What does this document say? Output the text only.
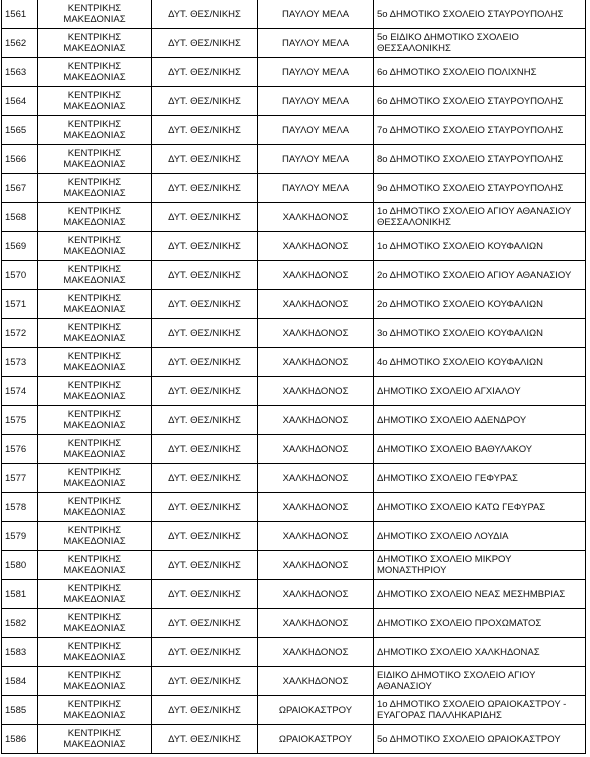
1561	ΚΕΝΤΡΙΚΗΣ ΜΑΚΕΔΟΝΙΑΣ	ΔΥΤ. ΘΕΣ/ΝΙΚΗΣ	ΠΑΥΛΟΥ ΜΕΛΑ	5ο ΔΗΜΟΤΙΚΟ ΣΧΟΛΕΙΟ ΣΤΑΥΡΟΥΠΟΛΗΣ
1562	ΚΕΝΤΡΙΚΗΣ ΜΑΚΕΔΟΝΙΑΣ	ΔΥΤ. ΘΕΣ/ΝΙΚΗΣ	ΠΑΥΛΟΥ ΜΕΛΑ	5ο ΕΙΔΙΚΟ ΔΗΜΟΤΙΚΟ ΣΧΟΛΕΙΟ ΘΕΣΣΑΛΟΝΙΚΗΣ
1563	ΚΕΝΤΡΙΚΗΣ ΜΑΚΕΔΟΝΙΑΣ	ΔΥΤ. ΘΕΣ/ΝΙΚΗΣ	ΠΑΥΛΟΥ ΜΕΛΑ	6ο ΔΗΜΟΤΙΚΟ ΣΧΟΛΕΙΟ ΠΟΛΙΧΝΗΣ
1564	ΚΕΝΤΡΙΚΗΣ ΜΑΚΕΔΟΝΙΑΣ	ΔΥΤ. ΘΕΣ/ΝΙΚΗΣ	ΠΑΥΛΟΥ ΜΕΛΑ	6ο ΔΗΜΟΤΙΚΟ ΣΧΟΛΕΙΟ ΣΤΑΥΡΟΥΠΟΛΗΣ
1565	ΚΕΝΤΡΙΚΗΣ ΜΑΚΕΔΟΝΙΑΣ	ΔΥΤ. ΘΕΣ/ΝΙΚΗΣ	ΠΑΥΛΟΥ ΜΕΛΑ	7ο ΔΗΜΟΤΙΚΟ ΣΧΟΛΕΙΟ ΣΤΑΥΡΟΥΠΟΛΗΣ
1566	ΚΕΝΤΡΙΚΗΣ ΜΑΚΕΔΟΝΙΑΣ	ΔΥΤ. ΘΕΣ/ΝΙΚΗΣ	ΠΑΥΛΟΥ ΜΕΛΑ	8ο ΔΗΜΟΤΙΚΟ ΣΧΟΛΕΙΟ ΣΤΑΥΡΟΥΠΟΛΗΣ
1567	ΚΕΝΤΡΙΚΗΣ ΜΑΚΕΔΟΝΙΑΣ	ΔΥΤ. ΘΕΣ/ΝΙΚΗΣ	ΠΑΥΛΟΥ ΜΕΛΑ	9ο ΔΗΜΟΤΙΚΟ ΣΧΟΛΕΙΟ ΣΤΑΥΡΟΥΠΟΛΗΣ
1568	ΚΕΝΤΡΙΚΗΣ ΜΑΚΕΔΟΝΙΑΣ	ΔΥΤ. ΘΕΣ/ΝΙΚΗΣ	ΧΑΛΚΗΔΟΝΟΣ	1ο ΔΗΜΟΤΙΚΟ ΣΧΟΛΕΙΟ ΑΓΙΟΥ ΑΘΑΝΑΣΙΟΥ ΘΕΣΣΑΛΟΝΙΚΗΣ
1569	ΚΕΝΤΡΙΚΗΣ ΜΑΚΕΔΟΝΙΑΣ	ΔΥΤ. ΘΕΣ/ΝΙΚΗΣ	ΧΑΛΚΗΔΟΝΟΣ	1ο ΔΗΜΟΤΙΚΟ ΣΧΟΛΕΙΟ ΚΟΥΦΑΛΙΩΝ
1570	ΚΕΝΤΡΙΚΗΣ ΜΑΚΕΔΟΝΙΑΣ	ΔΥΤ. ΘΕΣ/ΝΙΚΗΣ	ΧΑΛΚΗΔΟΝΟΣ	2ο ΔΗΜΟΤΙΚΟ ΣΧΟΛΕΙΟ ΑΓΙΟΥ ΑΘΑΝΑΣΙΟΥ
1571	ΚΕΝΤΡΙΚΗΣ ΜΑΚΕΔΟΝΙΑΣ	ΔΥΤ. ΘΕΣ/ΝΙΚΗΣ	ΧΑΛΚΗΔΟΝΟΣ	2ο ΔΗΜΟΤΙΚΟ ΣΧΟΛΕΙΟ ΚΟΥΦΑΛΙΩΝ
1572	ΚΕΝΤΡΙΚΗΣ ΜΑΚΕΔΟΝΙΑΣ	ΔΥΤ. ΘΕΣ/ΝΙΚΗΣ	ΧΑΛΚΗΔΟΝΟΣ	3ο ΔΗΜΟΤΙΚΟ ΣΧΟΛΕΙΟ ΚΟΥΦΑΛΙΩΝ
1573	ΚΕΝΤΡΙΚΗΣ ΜΑΚΕΔΟΝΙΑΣ	ΔΥΤ. ΘΕΣ/ΝΙΚΗΣ	ΧΑΛΚΗΔΟΝΟΣ	4ο ΔΗΜΟΤΙΚΟ ΣΧΟΛΕΙΟ ΚΟΥΦΑΛΙΩΝ
1574	ΚΕΝΤΡΙΚΗΣ ΜΑΚΕΔΟΝΙΑΣ	ΔΥΤ. ΘΕΣ/ΝΙΚΗΣ	ΧΑΛΚΗΔΟΝΟΣ	ΔΗΜΟΤΙΚΟ ΣΧΟΛΕΙΟ ΑΓΧΙΑΛΟΥ
1575	ΚΕΝΤΡΙΚΗΣ ΜΑΚΕΔΟΝΙΑΣ	ΔΥΤ. ΘΕΣ/ΝΙΚΗΣ	ΧΑΛΚΗΔΟΝΟΣ	ΔΗΜΟΤΙΚΟ ΣΧΟΛΕΙΟ ΑΔΕΝΔΡΟΥ
1576	ΚΕΝΤΡΙΚΗΣ ΜΑΚΕΔΟΝΙΑΣ	ΔΥΤ. ΘΕΣ/ΝΙΚΗΣ	ΧΑΛΚΗΔΟΝΟΣ	ΔΗΜΟΤΙΚΟ ΣΧΟΛΕΙΟ ΒΑΘΥΛΑΚΟΥ
1577	ΚΕΝΤΡΙΚΗΣ ΜΑΚΕΔΟΝΙΑΣ	ΔΥΤ. ΘΕΣ/ΝΙΚΗΣ	ΧΑΛΚΗΔΟΝΟΣ	ΔΗΜΟΤΙΚΟ ΣΧΟΛΕΙΟ ΓΕΦΥΡΑΣ
1578	ΚΕΝΤΡΙΚΗΣ ΜΑΚΕΔΟΝΙΑΣ	ΔΥΤ. ΘΕΣ/ΝΙΚΗΣ	ΧΑΛΚΗΔΟΝΟΣ	ΔΗΜΟΤΙΚΟ ΣΧΟΛΕΙΟ ΚΑΤΩ ΓΕΦΥΡΑΣ
1579	ΚΕΝΤΡΙΚΗΣ ΜΑΚΕΔΟΝΙΑΣ	ΔΥΤ. ΘΕΣ/ΝΙΚΗΣ	ΧΑΛΚΗΔΟΝΟΣ	ΔΗΜΟΤΙΚΟ ΣΧΟΛΕΙΟ ΛΟΥΔΙΑ
1580	ΚΕΝΤΡΙΚΗΣ ΜΑΚΕΔΟΝΙΑΣ	ΔΥΤ. ΘΕΣ/ΝΙΚΗΣ	ΧΑΛΚΗΔΟΝΟΣ	ΔΗΜΟΤΙΚΟ ΣΧΟΛΕΙΟ ΜΙΚΡΟΥ ΜΟΝΑΣΤΗΡΙΟΥ
1581	ΚΕΝΤΡΙΚΗΣ ΜΑΚΕΔΟΝΙΑΣ	ΔΥΤ. ΘΕΣ/ΝΙΚΗΣ	ΧΑΛΚΗΔΟΝΟΣ	ΔΗΜΟΤΙΚΟ ΣΧΟΛΕΙΟ ΝΕΑΣ ΜΕΣΗΜΒΡΙΑΣ
1582	ΚΕΝΤΡΙΚΗΣ ΜΑΚΕΔΟΝΙΑΣ	ΔΥΤ. ΘΕΣ/ΝΙΚΗΣ	ΧΑΛΚΗΔΟΝΟΣ	ΔΗΜΟΤΙΚΟ ΣΧΟΛΕΙΟ ΠΡΟΧΩΜΑΤΟΣ
1583	ΚΕΝΤΡΙΚΗΣ ΜΑΚΕΔΟΝΙΑΣ	ΔΥΤ. ΘΕΣ/ΝΙΚΗΣ	ΧΑΛΚΗΔΟΝΟΣ	ΔΗΜΟΤΙΚΟ ΣΧΟΛΕΙΟ ΧΑΛΚΗΔΟΝΑΣ
1584	ΚΕΝΤΡΙΚΗΣ ΜΑΚΕΔΟΝΙΑΣ	ΔΥΤ. ΘΕΣ/ΝΙΚΗΣ	ΧΑΛΚΗΔΟΝΟΣ	ΕΙΔΙΚΟ ΔΗΜΟΤΙΚΟ ΣΧΟΛΕΙΟ ΑΓΙΟΥ ΑΘΑΝΑΣΙΟΥ
1585	ΚΕΝΤΡΙΚΗΣ ΜΑΚΕΔΟΝΙΑΣ	ΔΥΤ. ΘΕΣ/ΝΙΚΗΣ	ΩΡΑΙΟΚΑΣΤΡΟΥ	1ο ΔΗΜΟΤΙΚΟ ΣΧΟΛΕΙΟ ΩΡΑΙΟΚΑΣΤΡΟΥ - ΕΥΑΓΟΡΑΣ ΠΑΛΛΗΚΑΡΙΔΗΣ
1586	ΚΕΝΤΡΙΚΗΣ ΜΑΚΕΔΟΝΙΑΣ	ΔΥΤ. ΘΕΣ/ΝΙΚΗΣ	ΩΡΑΙΟΚΑΣΤΡΟΥ	5ο ΔΗΜΟΤΙΚΟ ΣΧΟΛΕΙΟ ΩΡΑΙΟΚΑΣΤΡΟΥ
